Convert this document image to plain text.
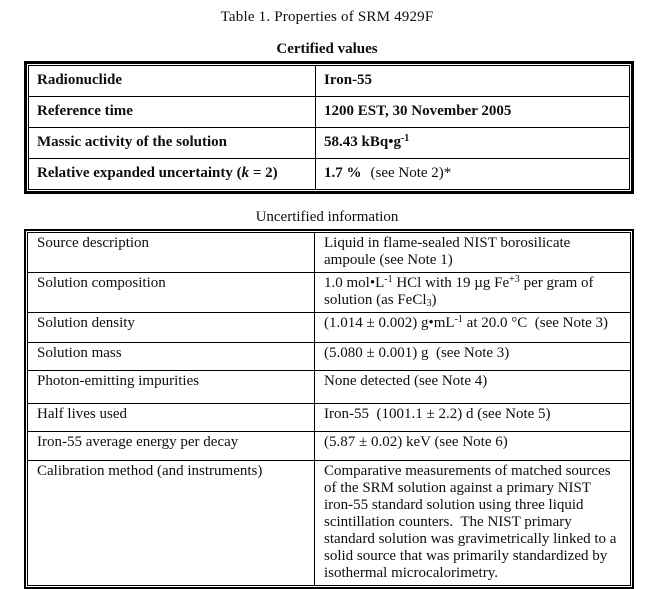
Table 1. Properties of SRM 4929F
Certified values
Radionuclide	Iron-55
Reference time	1200 EST, 30 November 2005
Massic activity of the solution	58.43 $kBq•g^{-1}$
Relative expanded uncertainty (k = 2)	1.7 % (see Note 2)*
Uncertified information
Source description	Liquid in flame-sealed NIST borosilicate ampoule (see Note 1)
Solution composition	1.0 $mol•L^{-1}$ HCl with 19 µg $Fe^{+3}$ per gram of solution (as FeCl$_3$)
Solution density	(1.014 ± 0.002) $g•mL^{-1}$ at 20.0 °C  (see Note 3)
Solution mass	(5.080 ± 0.001) g  (see Note 3)
Photon-emitting impurities	None detected (see Note 4)
Half lives used	Iron-55  (1001.1 ± 2.2) d (see Note 5)
Iron-55 average energy per decay	(5.87 ± 0.02) keV (see Note 6)
Calibration method (and instruments)	Comparative measurements of matched sources of the SRM solution against a primary NIST iron-55 standard solution using three liquid scintillation counters.  The NIST primary standard solution was gravimetrically linked to a solid source that was primarily standardized by isothermal microcalorimetry.
